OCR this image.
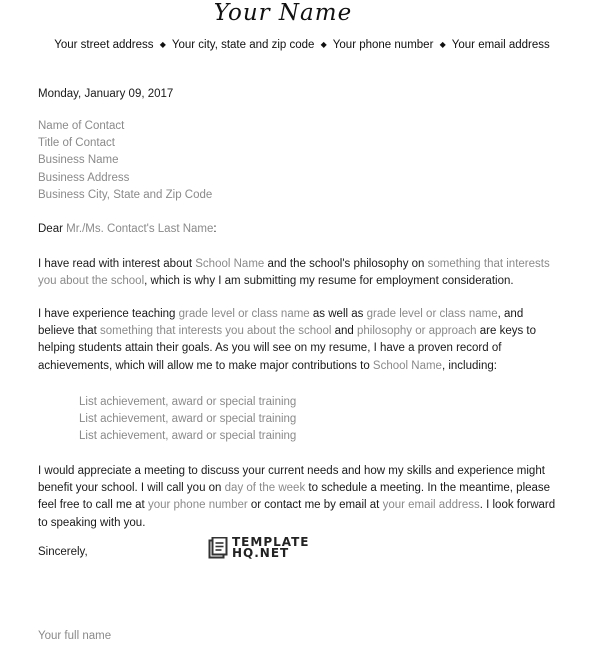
Your Name
Your street address ◆ Your city, state and zip code ◆ Your phone number ◆ Your email address
Monday, January 09, 2017
Name of Contact
Title of Contact
Business Name
Business Address
Business City, State and Zip Code
Dear Mr./Ms. Contact's Last Name:
I have read with interest about School Name and the school's philosophy on something that interests you about the school, which is why I am submitting my resume for employment consideration.
I have experience teaching grade level or class name as well as grade level or class name, and believe that something that interests you about the school and philosophy or approach are keys to helping students attain their goals. As you will see on my resume, I have a proven record of achievements, which will allow me to make major contributions to School Name, including:
List achievement, award or special training
List achievement, award or special training
List achievement, award or special training
I would appreciate a meeting to discuss your current needs and how my skills and experience might benefit your school. I will call you on day of the week to schedule a meeting. In the meantime, please feel free to call me at your phone number or contact me by email at your email address. I look forward to speaking with you.
Sincerely,
TEMPLATE
HQ.NET
Your full name
